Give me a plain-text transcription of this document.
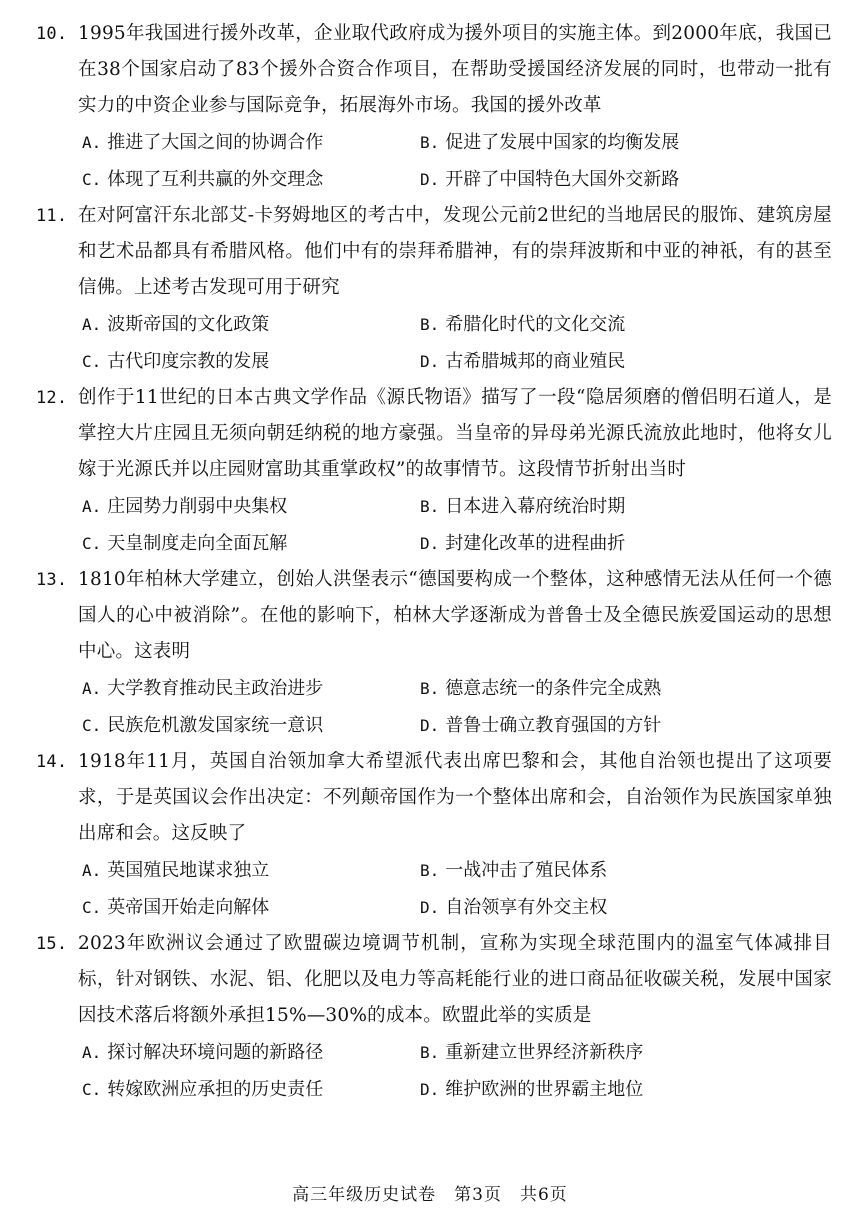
10. 1995年我国进行援外改革，企业取代政府成为援外项目的实施主体。到2000年底，我国已在38个国家启动了83个援外合资合作项目，在帮助受援国经济发展的同时，也带动一批有实力的中资企业参与国际竞争，拓展海外市场。我国的援外改革
A. 推进了大国之间的协调合作	B. 促进了发展中国家的均衡发展
C. 体现了互利共赢的外交理念	D. 开辟了中国特色大国外交新路
11. 在对阿富汗东北部艾-卡努姆地区的考古中，发现公元前2世纪的当地居民的服饰、建筑房屋和艺术品都具有希腊风格。他们中有的崇拜希腊神，有的崇拜波斯和中亚的神祇，有的甚至信佛。上述考古发现可用于研究
A. 波斯帝国的文化政策	B. 希腊化时代的文化交流
C. 古代印度宗教的发展	D. 古希腊城邦的商业殖民
12. 创作于11世纪的日本古典文学作品《源氏物语》描写了一段“隐居须磨的僧侣明石道人，是掌控大片庄园且无须向朝廷纳税的地方豪强。当皇帝的异母弟光源氏流放此地时，他将女儿嫁于光源氏并以庄园财富助其重掌政权”的故事情节。这段情节折射出当时
A. 庄园势力削弱中央集权	B. 日本进入幕府统治时期
C. 天皇制度走向全面瓦解	D. 封建化改革的进程曲折
13. 1810年柏林大学建立，创始人洪堡表示“德国要构成一个整体，这种感情无法从任何一个德国人的心中被消除”。在他的影响下，柏林大学逐渐成为普鲁士及全德民族爱国运动的思想中心。这表明
A. 大学教育推动民主政治进步	B. 德意志统一的条件完全成熟
C. 民族危机激发国家统一意识	D. 普鲁士确立教育强国的方针
14. 1918年11月，英国自治领加拿大希望派代表出席巴黎和会，其他自治领也提出了这项要求，于是英国议会作出决定：不列颠帝国作为一个整体出席和会，自治领作为民族国家单独出席和会。这反映了
A. 英国殖民地谋求独立	B. 一战冲击了殖民体系
C. 英帝国开始走向解体	D. 自治领享有外交主权
15. 2023年欧洲议会通过了欧盟碳边境调节机制，宣称为实现全球范围内的温室气体减排目标，针对钢铁、水泥、铝、化肥以及电力等高耗能行业的进口商品征收碳关税，发展中国家因技术落后将额外承担15%—30%的成本。欧盟此举的实质是
A. 探讨解决环境问题的新路径	B. 重新建立世界经济新秩序
C. 转嫁欧洲应承担的历史责任	D. 维护欧洲的世界霸主地位
高三年级历史试卷　第3页　共6页
